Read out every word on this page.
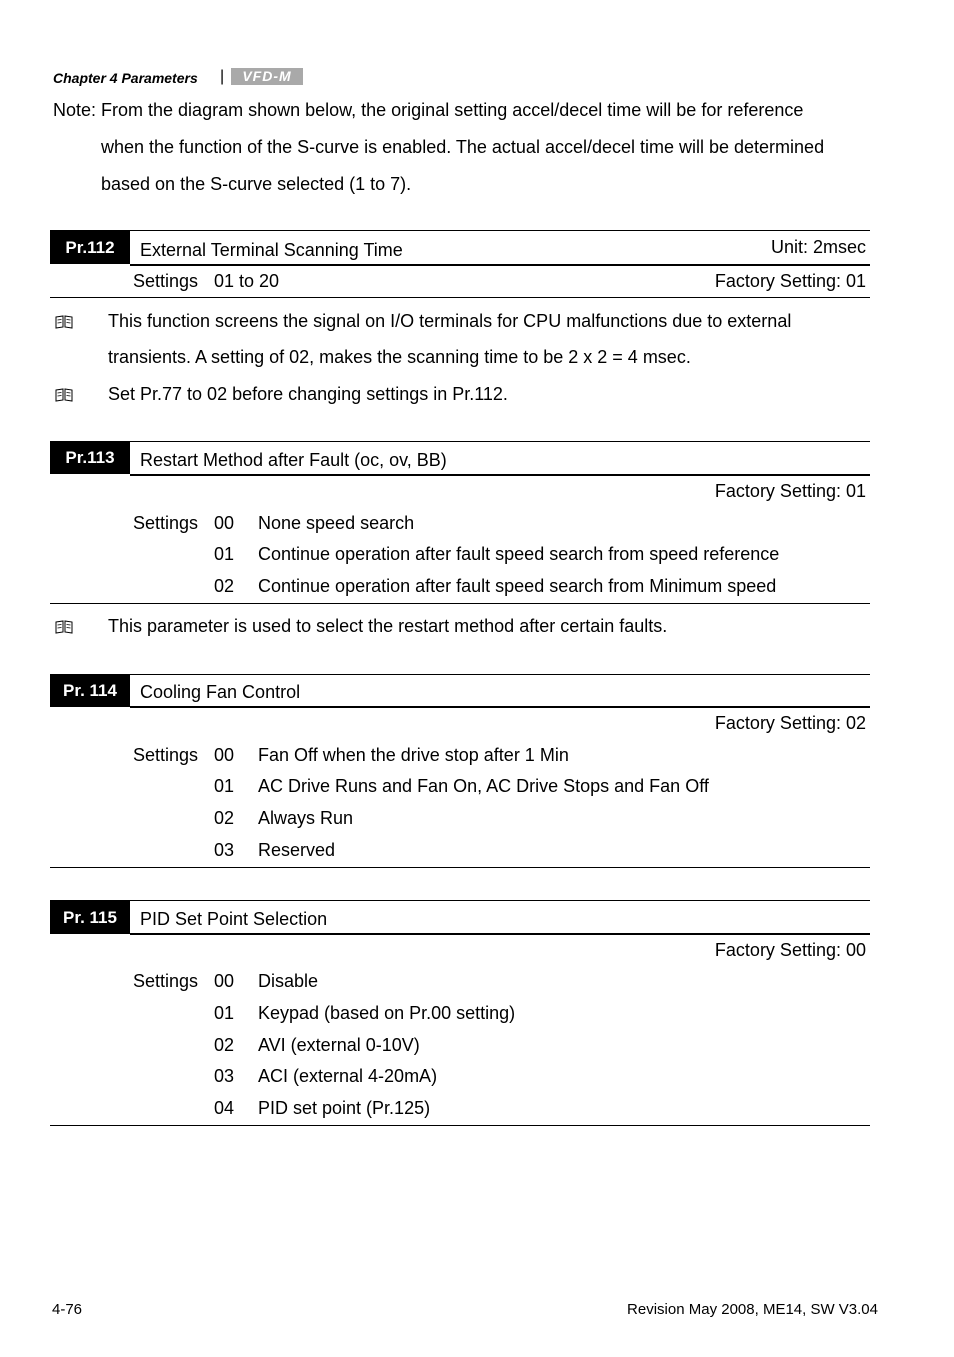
Chapter 4 Parameters |	VFD-M
Note: From the diagram shown below, the original setting accel/decel time will be for reference
when the function of the S-curve is enabled. The actual accel/decel time will be determined
based on the S-curve selected (1 to 7).
Pr.112	External Terminal Scanning Time	Unit: 2msec
Settings 01 to 20	Factory Setting: 01
This function screens the signal on I/O terminals for CPU malfunctions due to external
transients. A setting of 02, makes the scanning time to be 2 x 2 = 4 msec.
Set Pr.77 to 02 before changing settings in Pr.112.
Pr.113	Restart Method after Fault (oc, ov, BB)
Factory Setting: 01
Settings 00 None speed search
01 Continue operation after fault speed search from speed reference
02 Continue operation after fault speed search from Minimum speed
This parameter is used to select the restart method after certain faults.
Pr. 114	Cooling Fan Control
Factory Setting: 02
Settings 00 Fan Off when the drive stop after 1 Min
01 AC Drive Runs and Fan On, AC Drive Stops and Fan Off
02 Always Run
03 Reserved
Pr. 115	PID Set Point Selection
Factory Setting: 00
Settings 00 Disable
01 Keypad (based on Pr.00 setting)
02 AVI (external 0-10V)
03 ACI (external 4-20mA)
04 PID set point (Pr.125)
4-76	Revision May 2008, ME14, SW V3.04
